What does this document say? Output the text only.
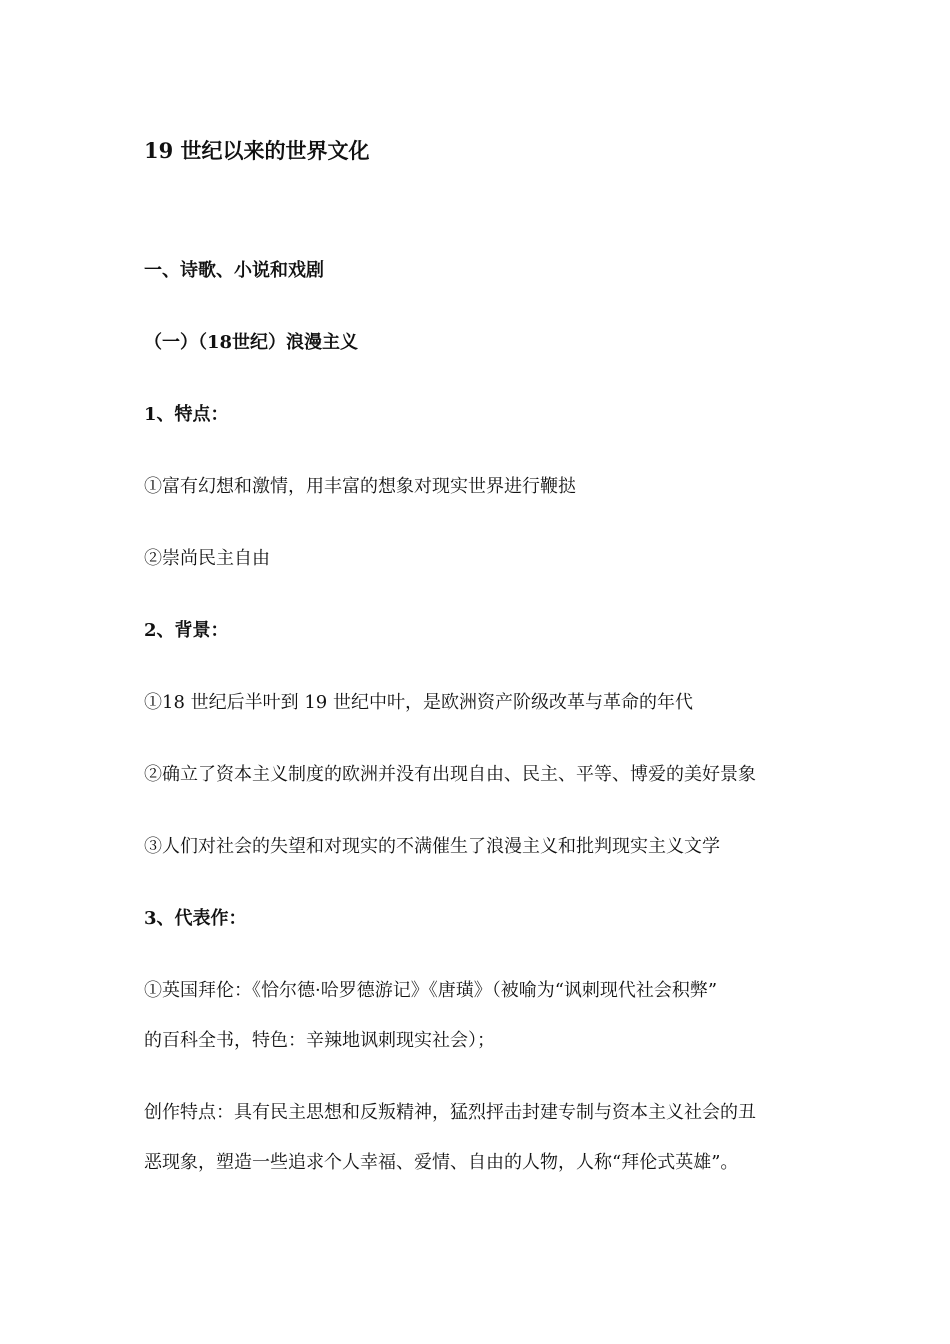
19 世纪以来的世界文化
一、诗歌、小说和戏剧
（一）（18世纪）浪漫主义
1、特点：
①富有幻想和激情，用丰富的想象对现实世界进行鞭挞
②崇尚民主自由
2、背景：
①18 世纪后半叶到 19 世纪中叶，是欧洲资产阶级改革与革命的年代
②确立了资本主义制度的欧洲并没有出现自由、民主、平等、博爱的美好景象
③人们对社会的失望和对现实的不满催生了浪漫主义和批判现实主义文学
3、代表作：
①英国拜伦：《恰尔德·哈罗德游记》《唐璜》（被喻为“讽刺现代社会积弊”
的百科全书，特色：辛辣地讽刺现实社会）；
创作特点：具有民主思想和反叛精神，猛烈抨击封建专制与资本主义社会的丑
恶现象，塑造一些追求个人幸福、爱情、自由的人物，人称“拜伦式英雄”。
